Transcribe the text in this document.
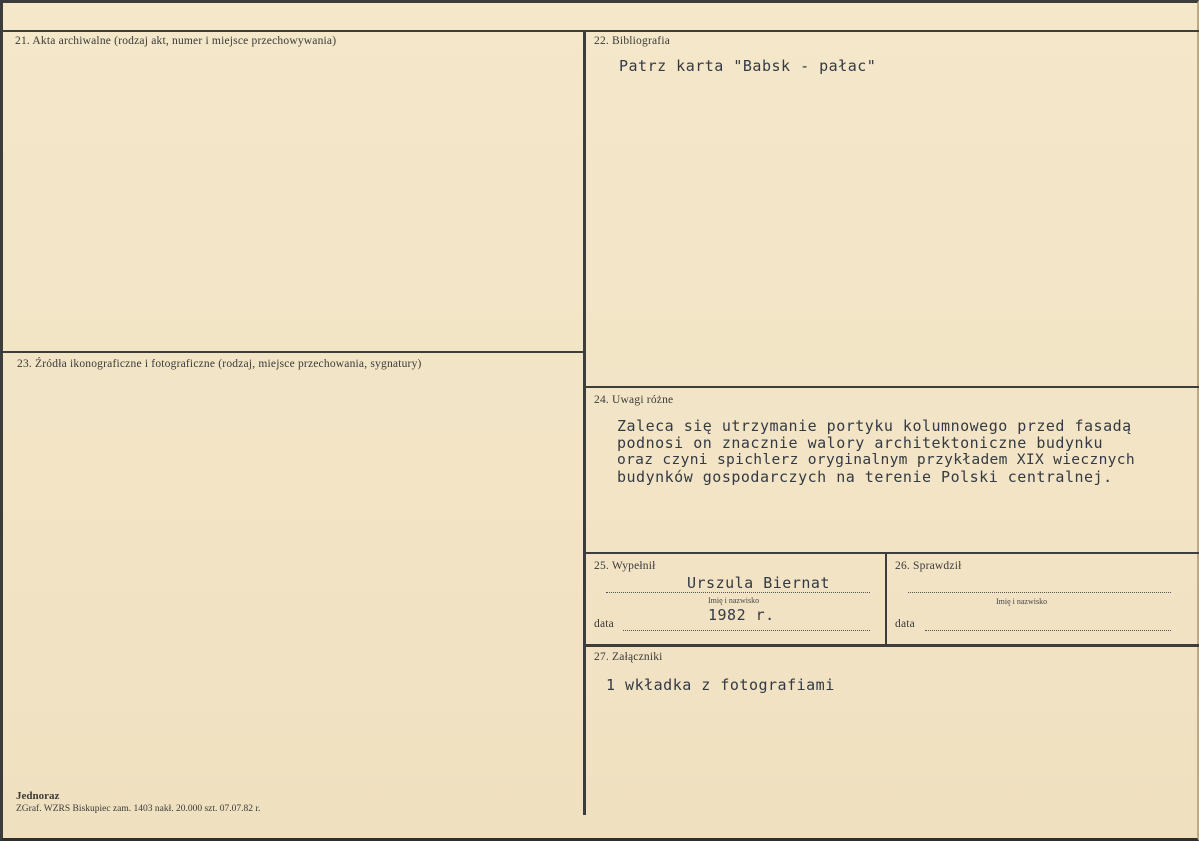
21. Akta archiwalne (rodzaj akt, numer i miejsce przechowywania)	22. Bibliografia
Patrz karta "Babsk - pałac"
23. Źródła ikonograficzne i fotograficzne (rodzaj, miejsce przechowania, sygnatury)
24. Uwagi różne
Zaleca się utrzymanie portyku kolumnowego przed fasadą
podnosi on znacznie walory architektoniczne budynku
oraz czyni spichlerz oryginalnym przykładem XIX wiecznych
budynków gospodarczych na terenie Polski centralnej.
25. Wypełnił
Urszula Biernat
Imię i nazwisko
data	1982 r.
26. Sprawdził
Imię i nazwisko
data
27. Załączniki
1 wkładka z fotografiami
Jednoraz
ZGraf. WZRS Biskupiec zam. 1403 nakł. 20.000 szt. 07.07.82 r.
